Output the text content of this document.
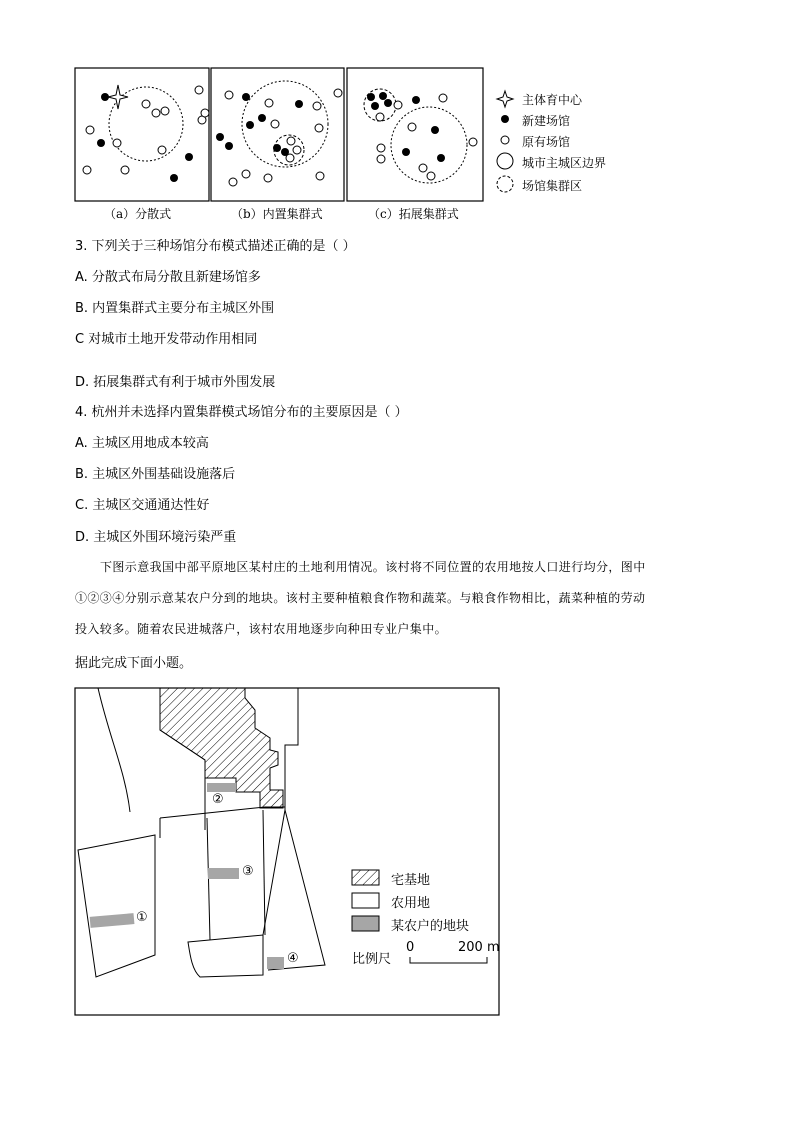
（a）分散式	（b）内置集群式	（c）拓展集群式
主体育中心
新建场馆
原有场馆
城市主城区边界
场馆集群区
3. 下列关于三种场馆分布模式描述正确的是（ ）
A. 分散式布局分散且新建场馆多
B. 内置集群式主要分布主城区外围
C 对城市土地开发带动作用相同
D. 拓展集群式有利于城市外围发展
4. 杭州并未选择内置集群模式场馆分布的主要原因是（ ）
A. 主城区用地成本较高
B. 主城区外围基础设施落后
C. 主城区交通通达性好
D. 主城区外围环境污染严重
下图示意我国中部平原地区某村庄的土地利用情况。该村将不同位置的农用地按人口进行均分，图中
①②③④分别示意某农户分到的地块。该村主要种植粮食作物和蔬菜。与粮食作物相比，蔬菜种植的劳动
投入较多。随着农民进城落户，该村农用地逐步向种田专业户集中。
据此完成下面小题。
①
②
③
④
宅基地
农用地
某农户的地块
比例尺
0	200 m
